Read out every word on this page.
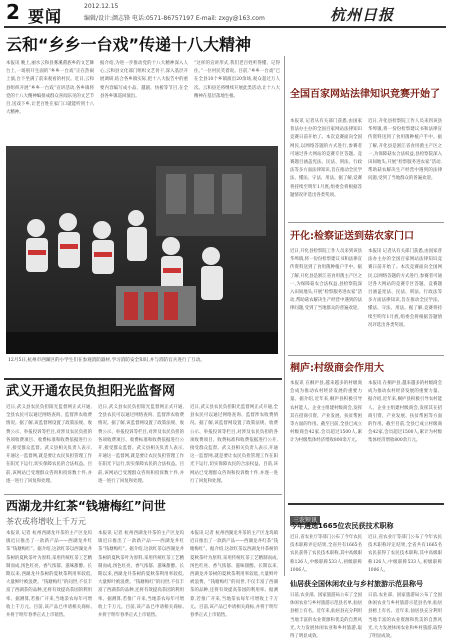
2 要闻
2012.12.15
编辑/设计:颜志锋 电话:0571-86757197 E-mail: zxgy@163.com	杭州日报
云和“乡乡一台戏”传递十八大精神
本报讯 晚上,丽水云和县雾溪畲族乡的文艺舞台上,一场别开生面的“乡乡一台戏”正在热闹上演,台下坐满了前来观看的村民。近日,云和县组织开展“乡乡一台戏”宣讲活动,各乡镇将党的十八大精神编排成群众喜闻乐见的文艺节目,送戏下乡,让老百姓在家门口就能听到十八大精神。
据介绍,为进一步推动党的十八大精神深入人心,云和县文化部门组织文艺骨干,深入基层开展调研,结合各乡镇实际,把十八大报告中的重要内容编写成小品、越剧、快板等节目,在全县各乡镇巡回演出。
“这样的宣讲形式,我们老百姓听得懂、记得住。”一位村民笑着说。目前,“乡乡一台戏”已在全县10个乡镇演出20余场,观众超过万人次。云和县还将继续开展此类活动,让十八大精神在基层落地生根。
12月5日,杭州市西湖区的小学生们在参观消防器材,学习消防安全知识,并与消防官兵进行了互动。
全国百家网站法律知识竞赛开始了
本报讯 记者从有关部门获悉,由国家普法办主办的全国百家网站法律知识竞赛日前开始了。本次竞赛面向全国网民,以网络答题的方式进行,参赛者可通过各大网站的竞赛专区答题。竞赛题目涵盖宪法、民法、刑法、行政法等多方面法律知识,旨在推动全民学法、懂法、守法、用法。据了解,竞赛将持续至明年1月底,组委会将根据答题情况评选出各类奖项。
近日,开化县检察院工作人员来到该县华埠镇,将一份份检察建议书和法律宣传资料送到了食用菌种植户手中。据了解,开化县是浙江省食用菌主产区之一,为保障菇农合法权益,县检察院深入田间地头,开展“检察服务进农家”活动,帮助菇农解决生产经营中遇到的法律问题,受到了当地群众的普遍欢迎。
开化:检察证送到菇农家门口
近日,开化县检察院工作人员来到该县华埠镇,将一份份检察建议书和法律宣传资料送到了食用菌种植户手中。据了解,开化县是浙江省食用菌主产区之一,为保障菇农合法权益,县检察院深入田间地头,开展“检察服务进农家”活动,帮助菇农解决生产经营中遇到的法律问题,受到了当地群众的普遍欢迎。
本报讯 记者从有关部门获悉,由国家普法办主办的全国百家网站法律知识竞赛日前开始了。本次竞赛面向全国网民,以网络答题的方式进行,参赛者可通过各大网站的竞赛专区答题。竞赛题目涵盖宪法、民法、刑法、行政法等多方面法律知识,旨在推动全民学法、懂法、守法、用法。据了解,竞赛将持续至明年1月底,组委会将根据答题情况评选出各类奖项。
桐庐:村级商会作用大
本报讯 在桐庐县,越来越多的村级商会成为推动农村经济发展的重要力量。据介绍,近年来,桐庐县积极引导农村能人、企业主组建村级商会,发挥其在招商引资、产业发展、扶贫帮困等方面的作用。截至目前,全县已成立村级商会42家,会员超过1500人,累计为村级集体经济增收800余万元。
本报讯 在桐庐县,越来越多的村级商会成为推动农村经济发展的重要力量。据介绍,近年来,桐庐县积极引导农村能人、企业主组建村级商会,发挥其在招商引资、产业发展、扶贫帮困等方面的作用。截至目前,全县已成立村级商会42家,会员超过1500人,累计为村级集体经济增收800余万元。
武义开通农民负担阳光监督网
近日,武义县农民负担阳光监督网正式开通,全县农民可以通过网络查询、监督涉农收费情况。据了解,该监督网设置了政策法规、收费公示、举报投诉等栏目,对涉及农民负担的各项收费项目、收费标准和收费依据进行公开,接受群众监督。武义县相关负责人表示,开通这一监督网,就是要让农民负担管理工作在阳光下运行,切实保障农民的合法权益。目前,该网站已受理群众咨询和投诉数十件,并逐一进行了回复和处理。
近日,武义县农民负担阳光监督网正式开通,全县农民可以通过网络查询、监督涉农收费情况。据了解,该监督网设置了政策法规、收费公示、举报投诉等栏目,对涉及农民负担的各项收费项目、收费标准和收费依据进行公开,接受群众监督。武义县相关负责人表示,开通这一监督网,就是要让农民负担管理工作在阳光下运行,切实保障农民的合法权益。目前,该网站已受理群众咨询和投诉数十件,并逐一进行了回复和处理。
近日,武义县农民负担阳光监督网正式开通,全县农民可以通过网络查询、监督涉农收费情况。据了解,该监督网设置了政策法规、收费公示、举报投诉等栏目,对涉及农民负担的各项收费项目、收费标准和收费依据进行公开,接受群众监督。武义县相关负责人表示,开通这一监督网,就是要让农民负担管理工作在阳光下运行,切实保障农民的合法权益。目前,该网站已受理群众咨询和投诉数十件,并逐一进行了回复和处理。
西湖龙井红茶“钱塘梅红”问世
茶农或将增收上千万元
本报讯 记者 杭州西湖龙井茶的主产区龙坞镇近日推出了一款新产品——西湖龙井红茶“钱塘梅红”。据介绍,这款红茶以西湖龙井茶树的夏秋茶叶为原料,采用传统红茶工艺精制而成,汤色红亮、香气浓郁、滋味甜醇。长期以来,西湖龙井茶树的夏秋茶利用率较低,大量鲜叶被浪费。“钱塘梅红”的问世,不仅丰富了西湖茶的品种,还将有效提高茶园的利用率。据测算,若推广开来,当地茶农每年可增收上千万元。目前,该产品已申请相关商标,并将于明年春季正式上市销售。
本报讯 记者 杭州西湖龙井茶的主产区龙坞镇近日推出了一款新产品——西湖龙井红茶“钱塘梅红”。据介绍,这款红茶以西湖龙井茶树的夏秋茶叶为原料,采用传统红茶工艺精制而成,汤色红亮、香气浓郁、滋味甜醇。长期以来,西湖龙井茶树的夏秋茶利用率较低,大量鲜叶被浪费。“钱塘梅红”的问世,不仅丰富了西湖茶的品种,还将有效提高茶园的利用率。据测算,若推广开来,当地茶农每年可增收上千万元。目前,该产品已申请相关商标,并将于明年春季正式上市销售。
本报讯 记者 杭州西湖龙井茶的主产区龙坞镇近日推出了一款新产品——西湖龙井红茶“钱塘梅红”。据介绍,这款红茶以西湖龙井茶树的夏秋茶叶为原料,采用传统红茶工艺精制而成,汤色红亮、香气浓郁、滋味甜醇。长期以来,西湖龙井茶树的夏秋茶利用率较低,大量鲜叶被浪费。“钱塘梅红”的问世,不仅丰富了西湖茶的品种,还将有效提高茶园的利用率。据测算,若推广开来,当地茶农每年可增收上千万元。目前,该产品已申请相关商标,并将于明年春季正式上市销售。
三农短讯
今年遴选1665位农民获技术职称
近日,省农业厅等部门公布了今年农民技术职称评定结果,全省共有1665名农民获得了农民技术职称,其中高级职称126人,中级职称533人,初级职称1006人。
近日,省农业厅等部门公布了今年农民技术职称评定结果,全省共有1665名农民获得了农民技术职称,其中高级职称126人,中级职称533人,初级职称1006人。
仙居获全国休闲农业与乡村旅游示范县称号
日前,农业部、国家旅游局公布了全国休闲农业与乡村旅游示范县名单,仙居县榜上有名。近年来,仙居县充分利用当地丰富的农业资源和优美的自然风光,大力发展休闲农业和乡村旅游,取得了明显成效。
日前,农业部、国家旅游局公布了全国休闲农业与乡村旅游示范县名单,仙居县榜上有名。近年来,仙居县充分利用当地丰富的农业资源和优美的自然风光,大力发展休闲农业和乡村旅游,取得了明显成效。
